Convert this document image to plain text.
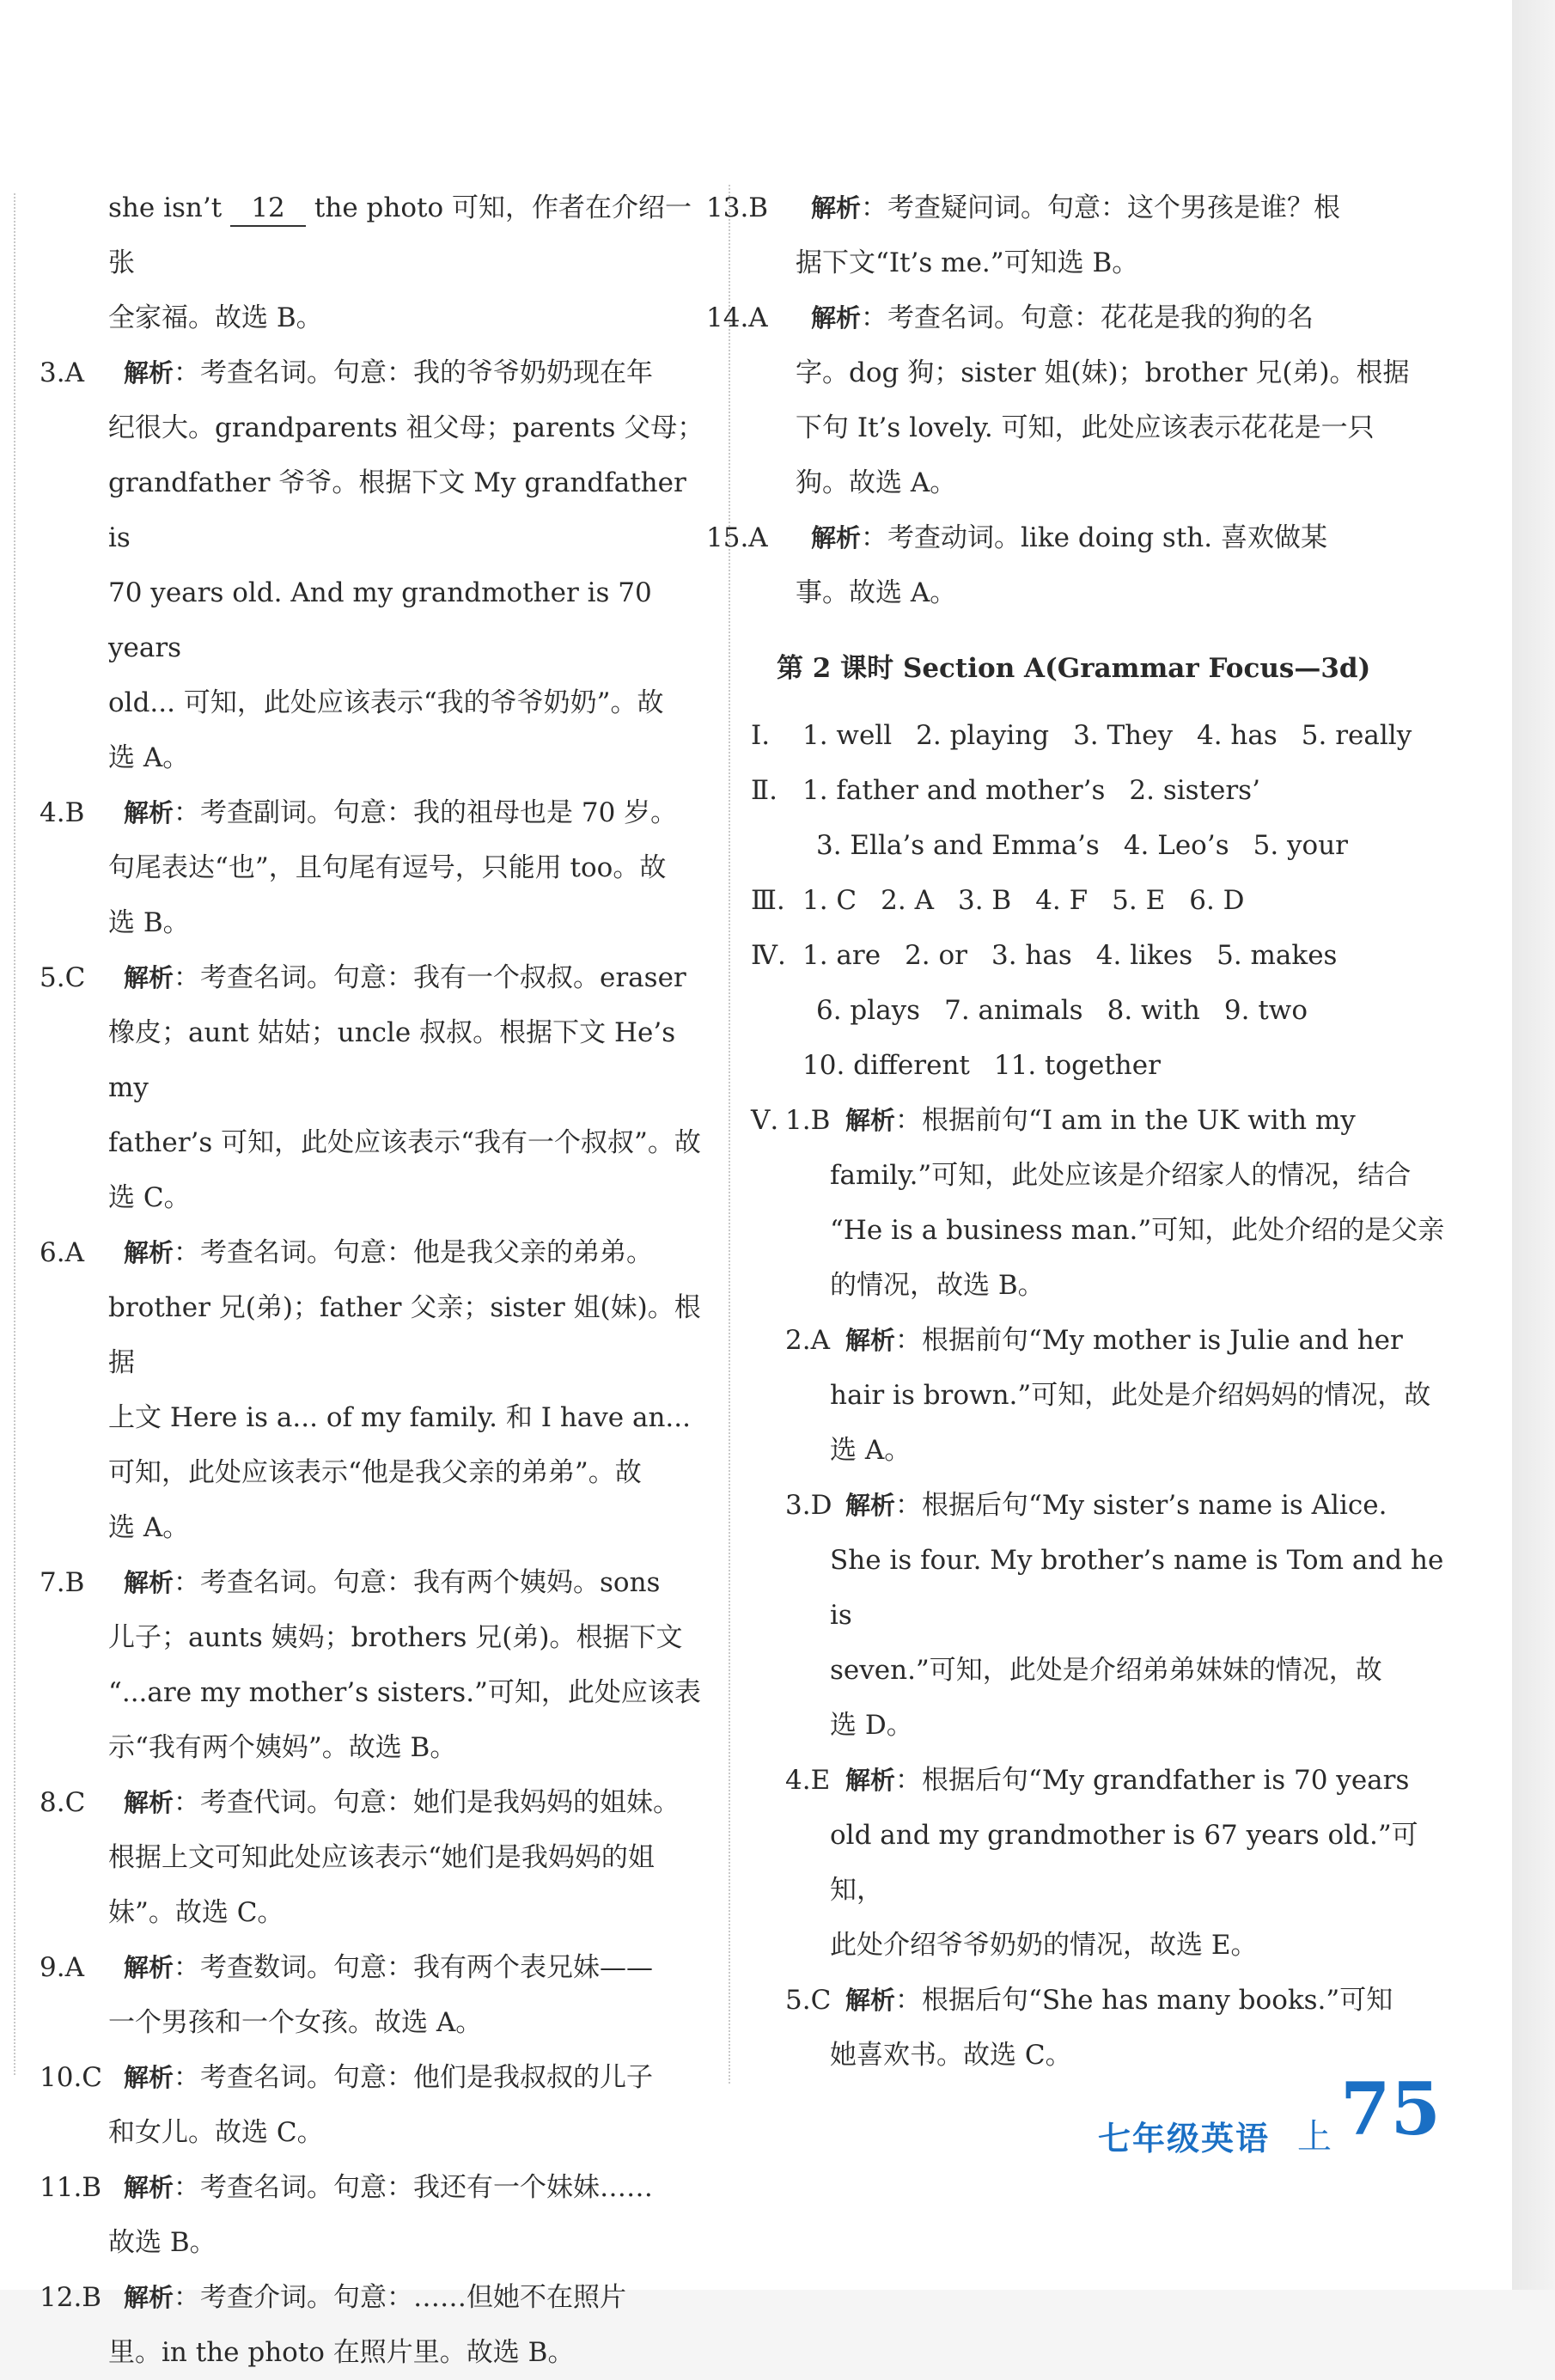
she isn’t 12 the photo 可知，作者在介绍一张

全家福。故选 B。

3.A	解析：考查名词。句意：我的爷爷奶奶现在年
纪很大。grandparents 祖父母；parents 父母；
grandfather 爷爷。根据下文 My grandfather is
70 years old. And my grandmother is 70 years
old... 可知，此处应该表示“我的爷爷奶奶”。故
选 A。
4.B	解析：考查副词。句意：我的祖母也是 70 岁。
句尾表达“也”，且句尾有逗号，只能用 too。故
选 B。
5.C	解析：考查名词。句意：我有一个叔叔。eraser
橡皮；aunt 姑姑；uncle 叔叔。根据下文 He’s my
father’s 可知，此处应该表示“我有一个叔叔”。故
选 C。
6.A	解析：考查名词。句意：他是我父亲的弟弟。
brother 兄(弟)；father 父亲；sister 姐(妹)。根据
上文 Here is a... of my family. 和 I have an...
可知，此处应该表示“他是我父亲的弟弟”。故
选 A。
7.B	解析：考查名词。句意：我有两个姨妈。sons
儿子；aunts 姨妈；brothers 兄(弟)。根据下文
“...are my mother’s sisters.”可知，此处应该表
示“我有两个姨妈”。故选 B。
8.C	解析：考查代词。句意：她们是我妈妈的姐妹。
根据上文可知此处应该表示“她们是我妈妈的姐
妹”。故选 C。
9.A	解析：考查数词。句意：我有两个表兄妹——
一个男孩和一个女孩。故选 A。
10.C 解析：考查名词。句意：他们是我叔叔的儿子
和女儿。故选 C。
11.B 解析：考查名词。句意：我还有一个妹妹……
故选 B。
12.B 解析：考查介词。句意：……但她不在照片
里。in the photo 在照片里。故选 B。
13.B	解析：考查疑问词。句意：这个男孩是谁？根
据下文“It’s me.”可知选 B。
14.A	解析：考查名词。句意：花花是我的狗的名
字。dog 狗；sister 姐(妹)；brother 兄(弟)。根据
下句 It’s lovely. 可知，此处应该表示花花是一只
狗。故选 A。
15.A	解析：考查动词。like doing sth. 喜欢做某
事。故选 A。
第 2 课时 Section A(Grammar Focus—3d)

Ⅰ. 1. well 2. playing 3. They 4. has 5. really

Ⅱ. 1. father and mother’s 2. sisters’

3. Ella’s and Emma’s 4. Leo’s 5. your

Ⅲ. 1. C 2. A 3. B 4. F 5. E 6. D

Ⅳ. 1. are 2. or 3. has 4. likes 5. makes

6. plays 7. animals 8. with 9. two

10. different 11. together

Ⅴ. 1.B 解析：根据前句“I am in the UK with my
family.”可知，此处应该是介绍家人的情况，结合
“He is a business man.”可知，此处介绍的是父亲
的情况，故选 B。
2.A 解析：根据前句“My mother is Julie and her
hair is brown.”可知，此处是介绍妈妈的情况，故
选 A。
3.D 解析：根据后句“My sister’s name is Alice.
She is four. My brother’s name is Tom and he is
seven.”可知，此处是介绍弟弟妹妹的情况，故
选 D。
4.E 解析：根据后句“My grandfather is 70 years
old and my grandmother is 67 years old.”可知，
此处介绍爷爷奶奶的情况，故选 E。
5.C 解析：根据后句“She has many books.”可知
她喜欢书。故选 C。
七年级英语 上 75
